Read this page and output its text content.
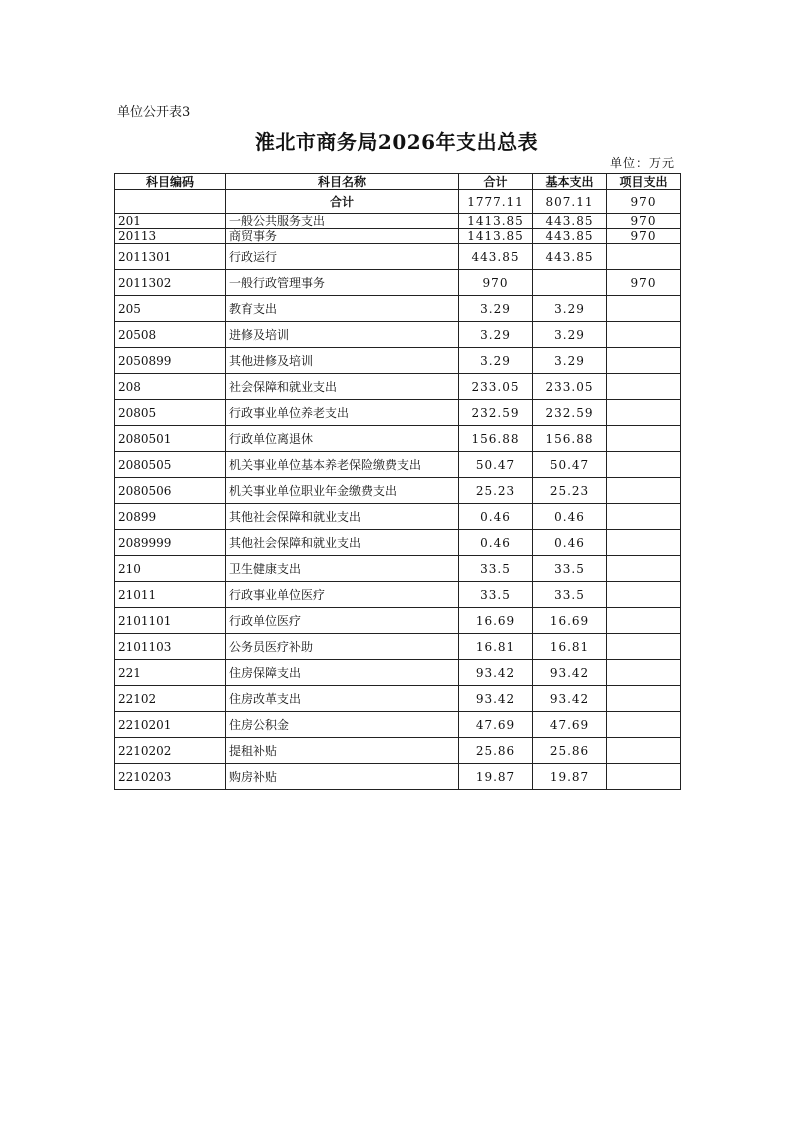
单位公开表3
淮北市商务局2026年支出总表
单位：万元
科目编码	科目名称	合计	基本支出	项目支出
	合计	1777.11	807.11	970
201	一般公共服务支出	1413.85	443.85	970
20113	商贸事务	1413.85	443.85	970
2011301	行政运行	443.85	443.85	
2011302	一般行政管理事务	970		970
205	教育支出	3.29	3.29	
20508	进修及培训	3.29	3.29	
2050899	其他进修及培训	3.29	3.29	
208	社会保障和就业支出	233.05	233.05	
20805	行政事业单位养老支出	232.59	232.59	
2080501	行政单位离退休	156.88	156.88	
2080505	机关事业单位基本养老保险缴费支出	50.47	50.47	
2080506	机关事业单位职业年金缴费支出	25.23	25.23	
20899	其他社会保障和就业支出	0.46	0.46	
2089999	其他社会保障和就业支出	0.46	0.46	
210	卫生健康支出	33.5	33.5	
21011	行政事业单位医疗	33.5	33.5	
2101101	行政单位医疗	16.69	16.69	
2101103	公务员医疗补助	16.81	16.81	
221	住房保障支出	93.42	93.42	
22102	住房改革支出	93.42	93.42	
2210201	住房公积金	47.69	47.69	
2210202	提租补贴	25.86	25.86	
2210203	购房补贴	19.87	19.87	
